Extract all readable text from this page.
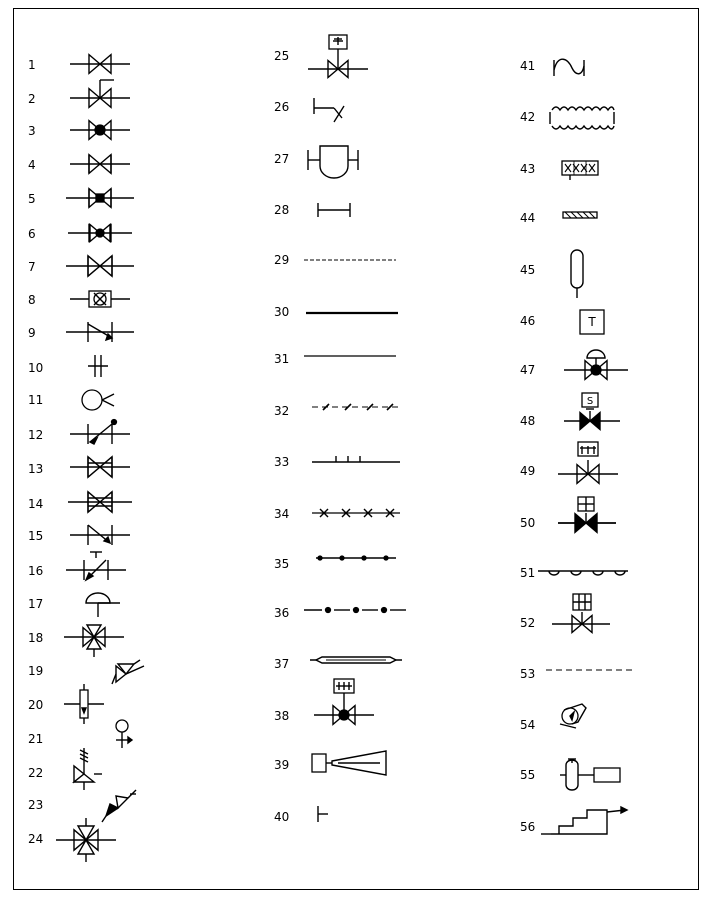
T
S
1
2
3
4
5
6
7
8
9
10
11
12
13
14
15
16
17
18
19
20
21
22
23
24
25
26
27
28
29
30
31
32
33
34
35
36
37
38
39
40
41
42
43
44
45
46
47
48
49
50
51
52
53
54
55
56
